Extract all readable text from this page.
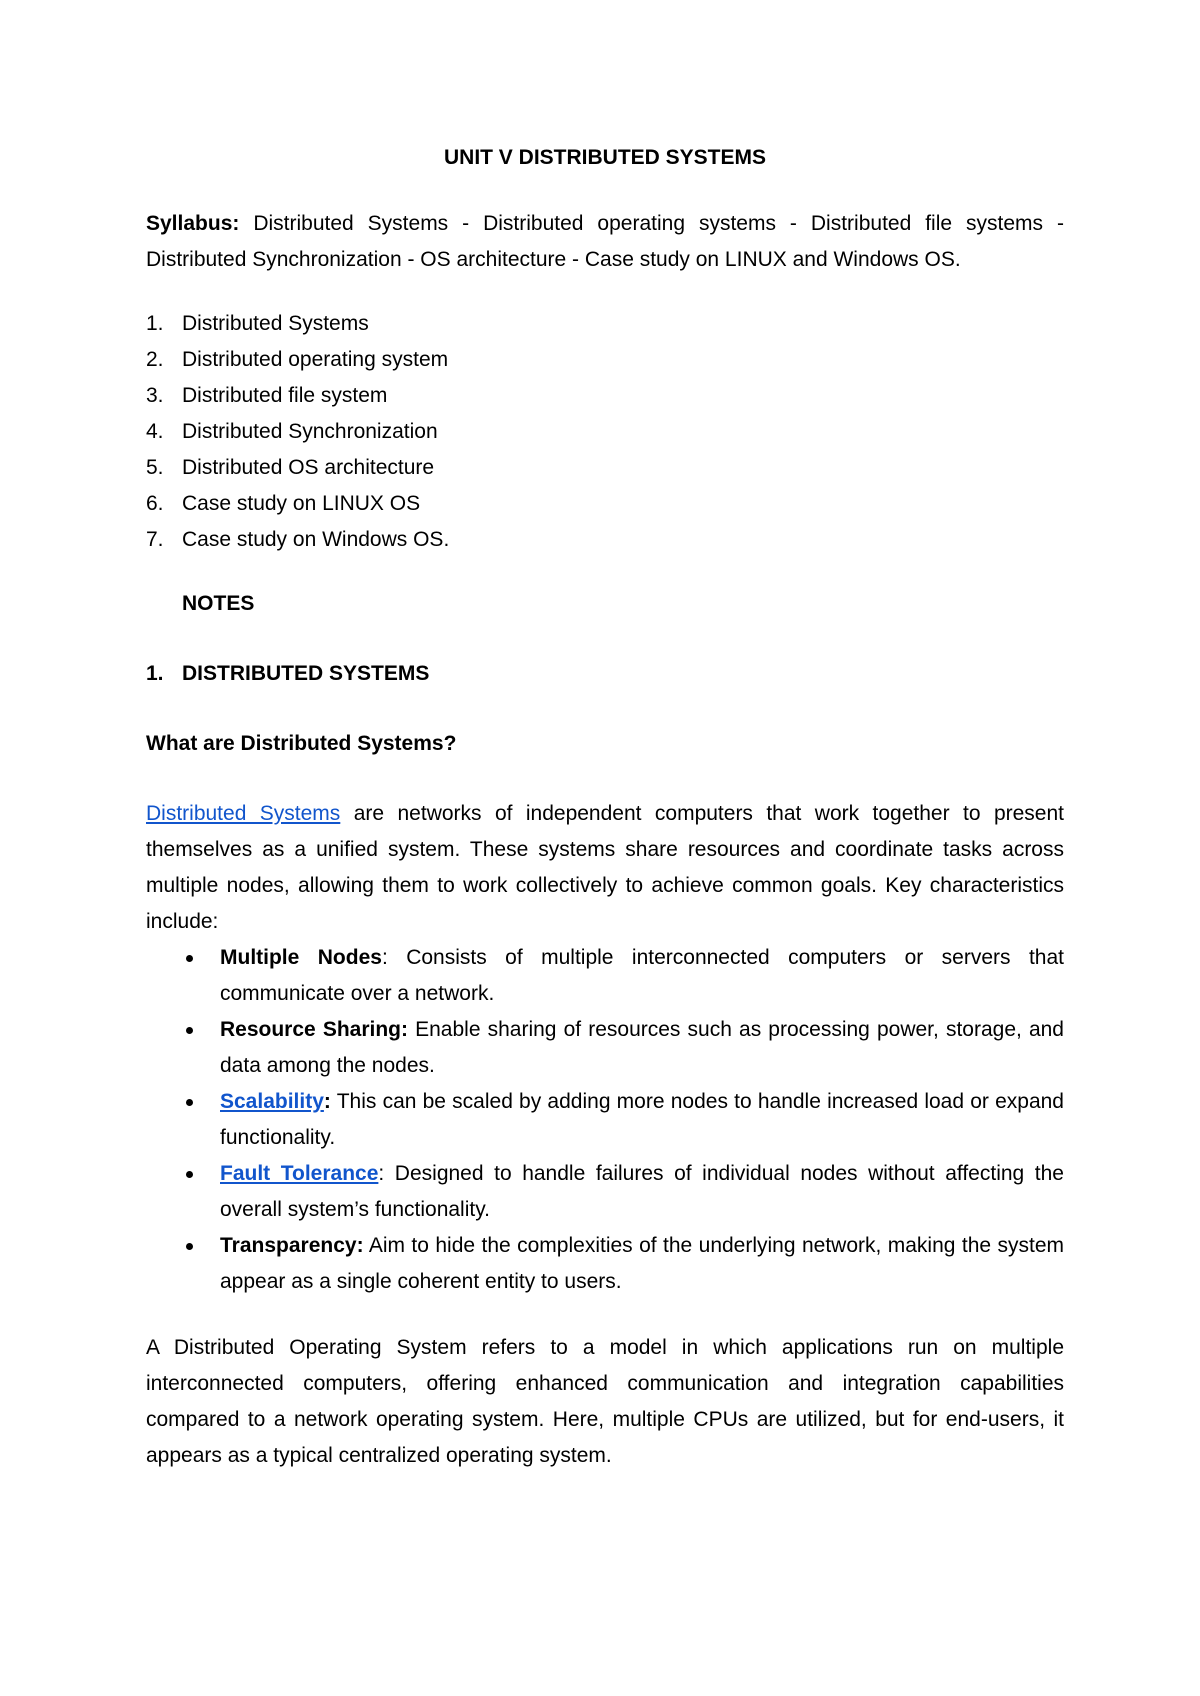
UNIT V DISTRIBUTED SYSTEMS

Syllabus: Distributed Systems - Distributed operating systems - Distributed file systems - Distributed Synchronization - OS architecture - Case study on LINUX and Windows OS.

1. Distributed Systems
2. Distributed operating system
3. Distributed file system
4. Distributed Synchronization
5. Distributed OS architecture
6. Case study on LINUX OS
7. Case study on Windows OS.
NOTES
1. DISTRIBUTED SYSTEMS
What are Distributed Systems?

Distributed Systems are networks of independent computers that work together to present themselves as a unified system. These systems share resources and coordinate tasks across multiple nodes, allowing them to work collectively to achieve common goals. Key characteristics include:

Multiple Nodes: Consists of multiple interconnected computers or servers that communicate over a network.
Resource Sharing: Enable sharing of resources such as processing power, storage, and data among the nodes.
Scalability: This can be scaled by adding more nodes to handle increased load or expand functionality.
Fault Tolerance: Designed to handle failures of individual nodes without affecting the overall system’s functionality.
Transparency: Aim to hide the complexities of the underlying network, making the system appear as a single coherent entity to users.

A Distributed Operating System refers to a model in which applications run on multiple interconnected computers, offering enhanced communication and integration capabilities compared to a network operating system. Here, multiple CPUs are utilized, but for end-users, it appears as a typical centralized operating system.
